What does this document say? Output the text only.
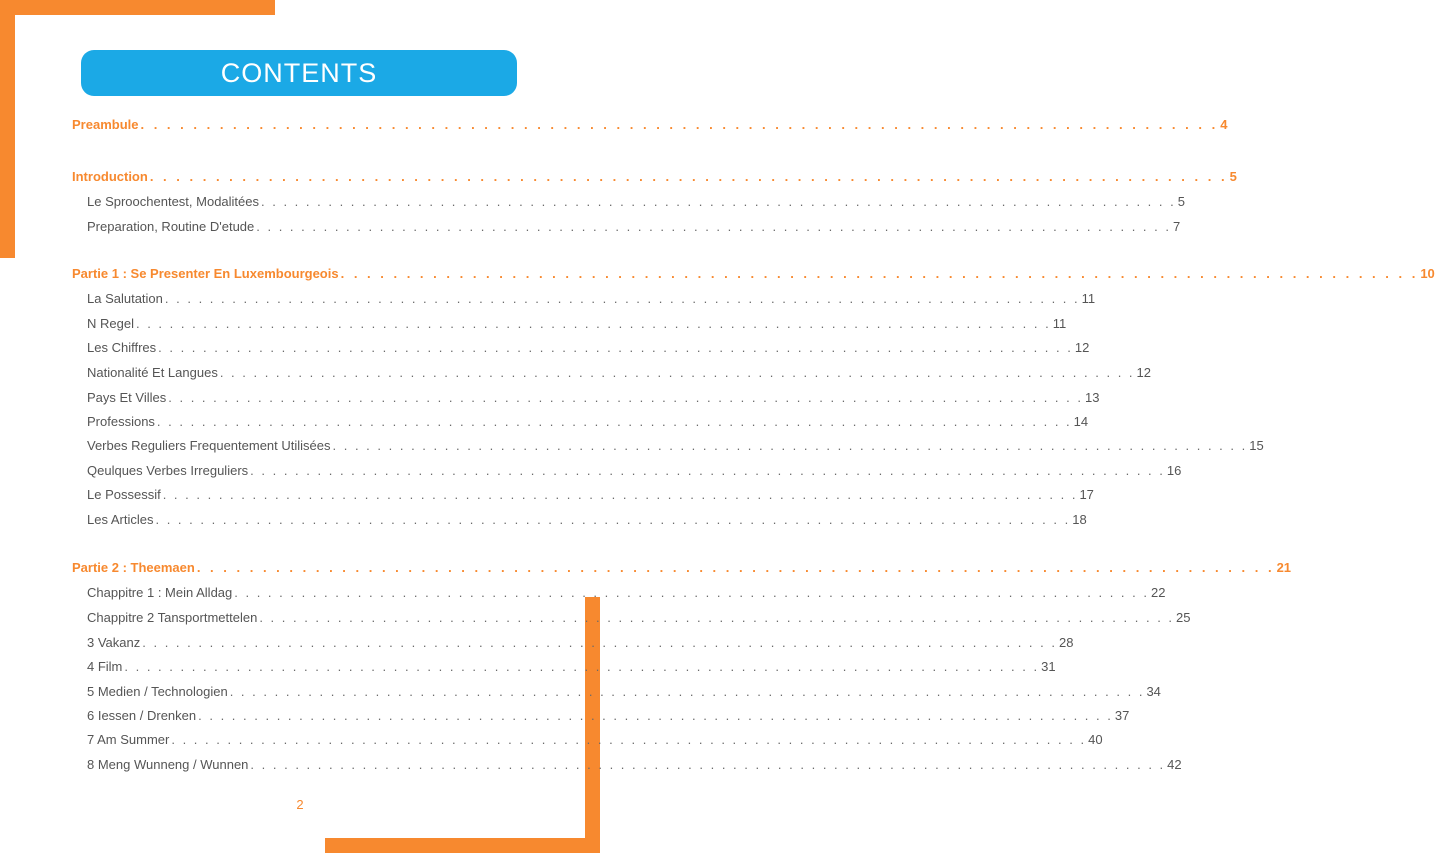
CONTENTS
Preambule . . . . . . . . . . . . . . . . . . . . . . . . . . . . . . . . . . . . . . . . . . . . . . . . . . . . . . . . . . . . . . . . . . . . . . . . . . . . . . . . . . 4
Introduction . . . . . . . . . . . . . . . . . . . . . . . . . . . . . . . . . . . . . . . . . . . . . . . . . . . . . . . . . . . . . . . . . . . . . . . . . . . . . . . . . . 5
Le Sproochentest, Modalitées . . . . . . . . . . . . . . . . . . . . . . . . . . . . . . . . . . . . . . . . . . . . . . . . . . . . . . . . . . . . . . . . . . . . . . . . . . . . . . . . . . 5
Preparation, Routine D'etude . . . . . . . . . . . . . . . . . . . . . . . . . . . . . . . . . . . . . . . . . . . . . . . . . . . . . . . . . . . . . . . . . . . . . . . . . . . . . . . . . . 7
Partie 1 : Se Presenter En Luxembourgeois . . . . . . . . . . . . . . . . . . . . . . . . . . . . . . . . . . . . . . . . . . . . . . . . . . . . . . . . . . . . . . . . . . . . . . . . . . . . . . . . . . 10
La Salutation . . . . . . . . . . . . . . . . . . . . . . . . . . . . . . . . . . . . . . . . . . . . . . . . . . . . . . . . . . . . . . . . . . . . . . . . . . . . . . . . . . 11
N Regel . . . . . . . . . . . . . . . . . . . . . . . . . . . . . . . . . . . . . . . . . . . . . . . . . . . . . . . . . . . . . . . . . . . . . . . . . . . . . . . . . . 11
Les Chiffres . . . . . . . . . . . . . . . . . . . . . . . . . . . . . . . . . . . . . . . . . . . . . . . . . . . . . . . . . . . . . . . . . . . . . . . . . . . . . . . . . . 12
Nationalité Et Langues . . . . . . . . . . . . . . . . . . . . . . . . . . . . . . . . . . . . . . . . . . . . . . . . . . . . . . . . . . . . . . . . . . . . . . . . . . . . . . . . . . 12
Pays Et Villes . . . . . . . . . . . . . . . . . . . . . . . . . . . . . . . . . . . . . . . . . . . . . . . . . . . . . . . . . . . . . . . . . . . . . . . . . . . . . . . . . . 13
Professions . . . . . . . . . . . . . . . . . . . . . . . . . . . . . . . . . . . . . . . . . . . . . . . . . . . . . . . . . . . . . . . . . . . . . . . . . . . . . . . . . . 14
Verbes Reguliers Frequentement Utilisées . . . . . . . . . . . . . . . . . . . . . . . . . . . . . . . . . . . . . . . . . . . . . . . . . . . . . . . . . . . . . . . . . . . . . . . . . . . . . . . . . . 15
Qeulques Verbes Irreguliers . . . . . . . . . . . . . . . . . . . . . . . . . . . . . . . . . . . . . . . . . . . . . . . . . . . . . . . . . . . . . . . . . . . . . . . . . . . . . . . . . . 16
Le Possessif . . . . . . . . . . . . . . . . . . . . . . . . . . . . . . . . . . . . . . . . . . . . . . . . . . . . . . . . . . . . . . . . . . . . . . . . . . . . . . . . . . 17
Les Articles . . . . . . . . . . . . . . . . . . . . . . . . . . . . . . . . . . . . . . . . . . . . . . . . . . . . . . . . . . . . . . . . . . . . . . . . . . . . . . . . . . 18
Partie 2 : Theemaen . . . . . . . . . . . . . . . . . . . . . . . . . . . . . . . . . . . . . . . . . . . . . . . . . . . . . . . . . . . . . . . . . . . . . . . . . . . . . . . . . . 21
Chappitre 1 : Mein Alldag . . . . . . . . . . . . . . . . . . . . . . . . . . . . . . . . . . . . . . . . . . . . . . . . . . . . . . . . . . . . . . . . . . . . . . . . . . . . . . . . . . 22
Chappitre 2 Tansportmettelen . . . . . . . . . . . . . . . . . . . . . . . . . . . . . . . . . . . . . . . . . . . . . . . . . . . . . . . . . . . . . . . . . . . . . . . . . . . . . . . . . . 25
3 Vakanz . . . . . . . . . . . . . . . . . . . . . . . . . . . . . . . . . . . . . . . . . . . . . . . . . . . . . . . . . . . . . . . . . . . . . . . . . . . . . . . . . . 28
4 Film . . . . . . . . . . . . . . . . . . . . . . . . . . . . . . . . . . . . . . . . . . . . . . . . . . . . . . . . . . . . . . . . . . . . . . . . . . . . . . . . . . 31
5 Medien / Technologien . . . . . . . . . . . . . . . . . . . . . . . . . . . . . . . . . . . . . . . . . . . . . . . . . . . . . . . . . . . . . . . . . . . . . . . . . . . . . . . . . . 34
6 Iessen / Drenken . . . . . . . . . . . . . . . . . . . . . . . . . . . . . . . . . . . . . . . . . . . . . . . . . . . . . . . . . . . . . . . . . . . . . . . . . . . . . . . . . . 37
7 Am Summer . . . . . . . . . . . . . . . . . . . . . . . . . . . . . . . . . . . . . . . . . . . . . . . . . . . . . . . . . . . . . . . . . . . . . . . . . . . . . . . . . . 40
8 Meng Wunneng / Wunnen . . . . . . . . . . . . . . . . . . . . . . . . . . . . . . . . . . . . . . . . . . . . . . . . . . . . . . . . . . . . . . . . . . . . . . . . . . . . . . . . . . 42
2
